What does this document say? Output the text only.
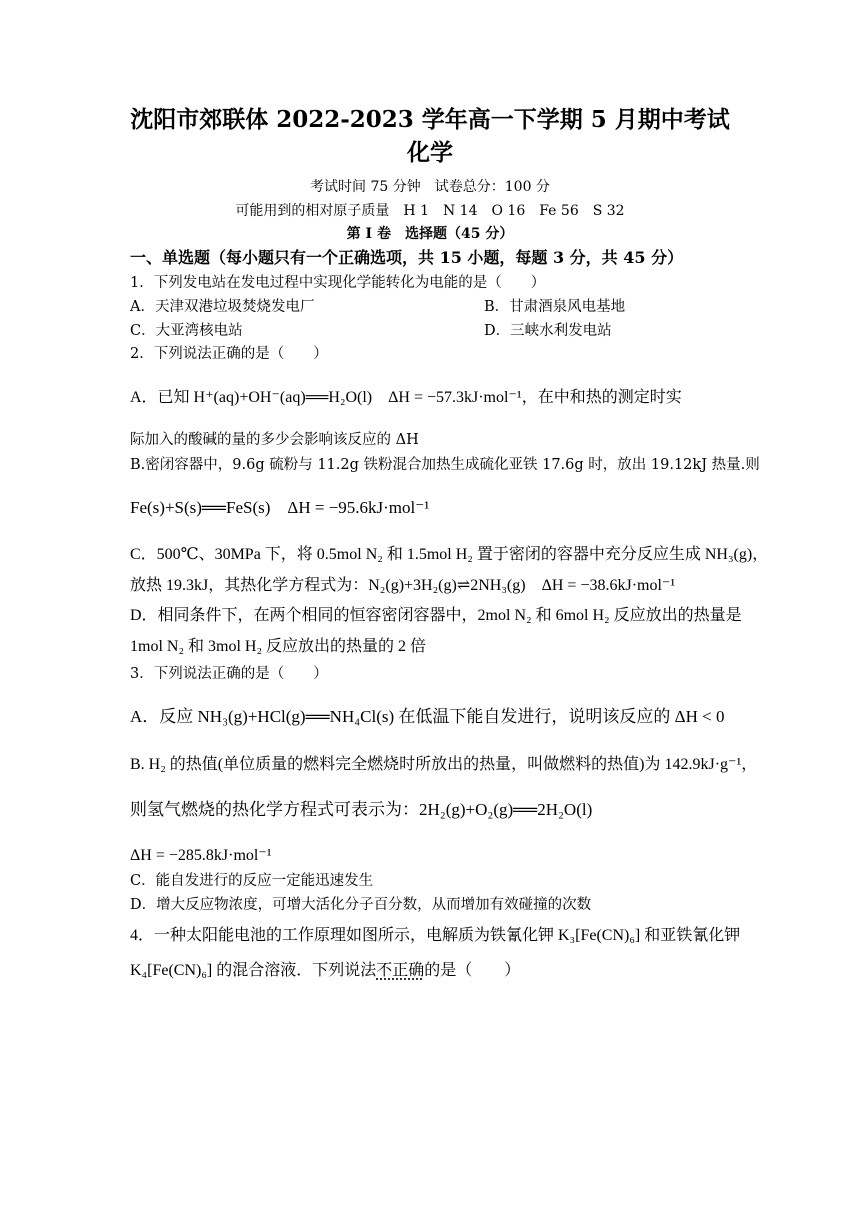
沈阳市郊联体 2022-2023 学年高一下学期 5 月期中考试
化学
考试时间 75 分钟　试卷总分：100 分
可能用到的相对原子质量　H 1　N 14　O 16　Fe 56　S 32
第 I 卷　选择题（45 分）
一、单选题（每小题只有一个正确选项，共 15 小题，每题 3 分，共 45 分）
1．下列发电站在发电过程中实现化学能转化为电能的是（　　）
A．天津双港垃圾焚烧发电厂	B．甘肃酒泉风电基地
C．大亚湾核电站	D．三峡水利发电站
2．下列说法正确的是（　　）
A．已知 H⁺(aq)+OH⁻(aq)══H₂O(l)　ΔH = −57.3kJ·mol⁻¹，在中和热的测定时实
际加入的酸碱的量的多少会影响该反应的 ΔH
B.密闭容器中，9.6g 硫粉与 11.2g 铁粉混合加热生成硫化亚铁 17.6g 时，放出 19.12kJ 热量.则
Fe(s)+S(s)══FeS(s)　ΔH = −95.6kJ·mol⁻¹
C．500℃、30MPa 下，将 0.5mol N₂ 和 1.5mol H₂ 置于密闭的容器中充分反应生成 NH₃(g)，
放热 19.3kJ，其热化学方程式为：N₂(g)+3H₂(g)⇌2NH₃(g)　ΔH = −38.6kJ·mol⁻¹
D．相同条件下，在两个相同的恒容密闭容器中，2mol N₂ 和 6mol H₂ 反应放出的热量是
1mol N₂ 和 3mol H₂ 反应放出的热量的 2 倍
3．下列说法正确的是（　　）
A．反应 NH₃(g)+HCl(g)══NH₄Cl(s) 在低温下能自发进行，说明该反应的 ΔH < 0
B. H₂ 的热值(单位质量的燃料完全燃烧时所放出的热量，叫做燃料的热值)为 142.9kJ·g⁻¹，
则氢气燃烧的热化学方程式可表示为：2H₂(g)+O₂(g)══2H₂O(l)
ΔH = −285.8kJ·mol⁻¹
C．能自发进行的反应一定能迅速发生
D．增大反应物浓度，可增大活化分子百分数，从而增加有效碰撞的次数
4．一种太阳能电池的工作原理如图所示，电解质为铁氰化钾 K₃[Fe(CN)₆] 和亚铁氰化钾
K₄[Fe(CN)₆] 的混合溶液．下列说法不正确的是（　　）
